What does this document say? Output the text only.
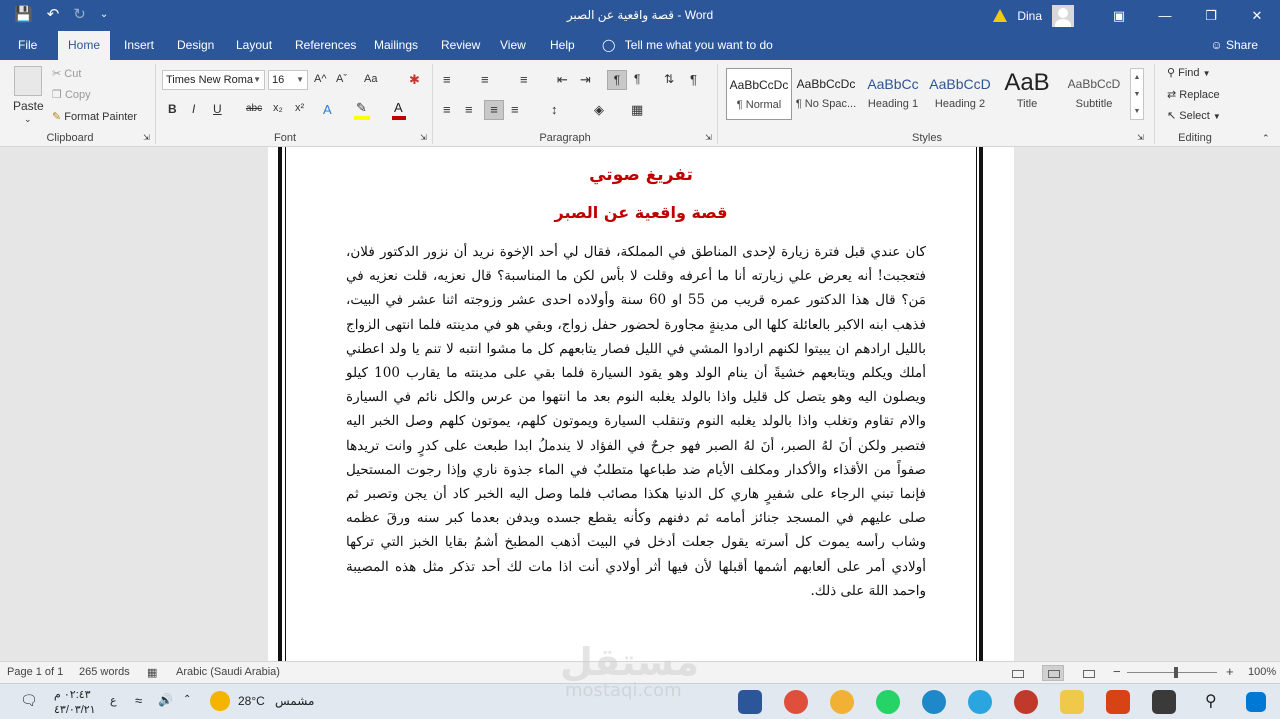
💾 ↶ ↻ ⌄	قصة واقعية عن الصبر - Word	Dina	▣	—	❐	✕
File	Home	Insert	Design	Layout	References	Mailings	Review	View	Help	◯ Tell me what you want to do	☺ Share
Paste
⌄
✂ Cut
❐ Copy
✎ Format Painter
Clipboard	⇲
Times New Roma ▼	16 ▼ A^ Aˇ Aa ✱
B I U abc x₂ x² A ✎ A
Font	⇲
≡ ≡ ≡ ⇤ ⇥	¶	¶ ⇅ ¶
≡ ≡	≡	≡ ↕	◈ ▦
Paragraph	⇲
AaBbCcDc
¶ Normal
AaBbCcDc
¶ No Spac...
AaBbCc
Heading 1
AaBbCcD
Heading 2
AaB
Title
AaBbCcD
Subtitle
▲
▼
▼
Styles	⇲
⚲ Find ▼
⇄ Replace
↖ Select ▼
Editing	⌃
تفريغ صوتي
قصة واقعية عن الصبر
كان عندي قبل فترة زيارة لإحدى المناطق في المملكة، فقال لي أحد الإخوة نريد أن نزور الدكتور فلان، فتعجبت! أنه يعرض علي زيارته أنا ما أعرفه وقلت لا بأس لكن ما المناسبة؟ قال نعزيه، قلت نعزيه في مَن؟ قال هذا الدكتور عمره قريب من 55 او 60 سنة وأولاده احدى عشر وزوجته اثنا عشر في البيت، فذهب ابنه الاكبر بالعائلة كلها الى مدينةٍ مجاورة لحضور حفل زواج، وبقي هو في مدينته فلما انتهى الزواج بالليل ارادهم ان يبيتوا لكنهم ارادوا المشي في الليل فصار يتابعهم كل ما مشوا انتبه لا تنم يا ولد اعطني أملك ويكلم ويتابعهم خشيةً أن ينام الولد وهو يقود السيارة فلما بقي على مدينته ما يقارب 100 كيلو ويصلون اليه وهو يتصل كل قليل واذا بالولد يغلبه النوم بعد ما انتهوا من عرس والكل نائم في السيارة والام تقاوم وتغلب واذا بالولد يغلبه النوم وتنقلب السيارة ويموتون كلهم، يموتون كلهم وصل الخبر اليه فتصبر ولكن أنَ لهُ الصبر، أنَ لهُ الصبر فهو جرحٌ في الفؤاد لا يندملُ ابدا طبعت على كدرٍ وانت تريدها صفواً من الأقذاء والأكدار ومكلف الأيام ضد طباعها متطلبٌ في الماء جذوة ناري وإذا رجوت المستحيل فإنما تبني الرجاء على شفيرٍ هاري كل الدنيا هكذا مصائب فلما وصل اليه الخبر كاد أن يجن وتصبر ثم صلى عليهم في المسجد جنائز أمامه ثم دفنهم وكأنه يقطع جسده ويدفن بعدما كبر سنه ورقَ عظمه وشاب رأسه يموت كل أسرته يقول جعلت أدخل في البيت أذهب المطبخ أشمُ بقايا الخبز التي تركها أولادي أمر على ألعابهم أشمها أقبلها لأن فيها أثر أولادي أنت اذا مات لك أحد تذكر مثل هذه المصيبة واحمد اللهَ على ذلك.
Page 1 of 1 265 words ▦ Arabic (Saudi Arabia)	−	+ 100%
🗨 ٠٢:٤٣ م
٤٣/٠٣/٢١
ع ≈ 🔊 ⌃	28°C مشمس	⚲
مستقل
mostaqi.com
